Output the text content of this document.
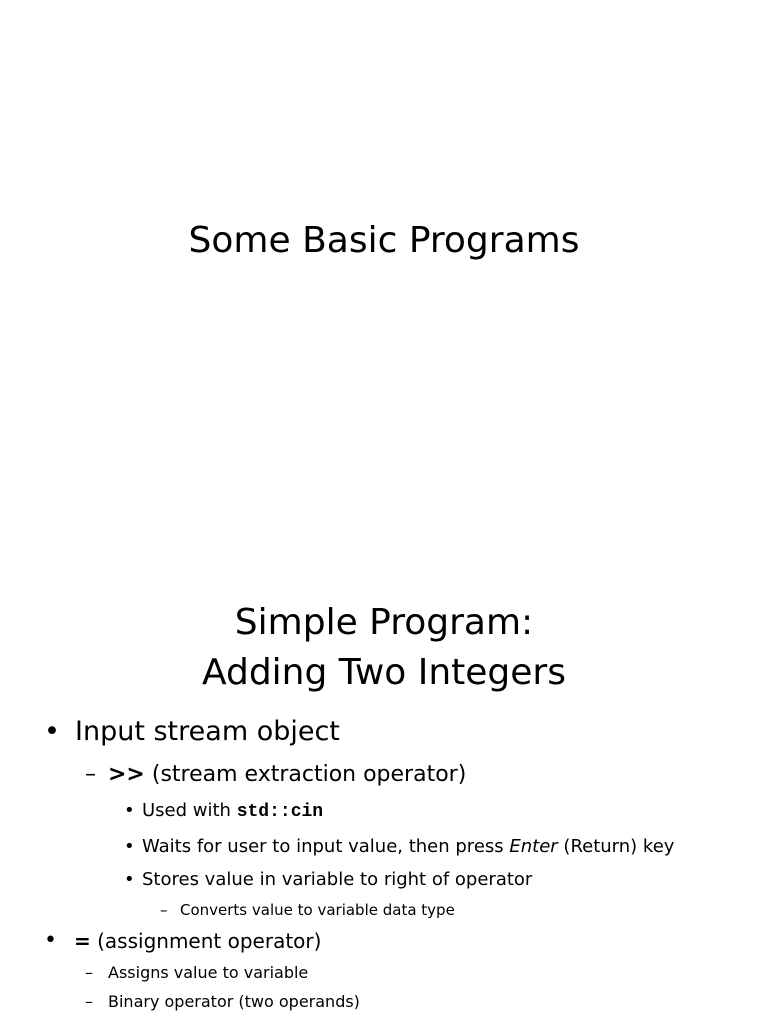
Some Basic Programs
Simple Program:
Adding Two Integers
• Input stream object
– >> (stream extraction operator)
• Used with std::cin
• Waits for user to input value, then press Enter (Return) key
• Stores value in variable to right of operator
– Converts value to variable data type
• = (assignment operator)
– Assigns value to variable
– Binary operator (two operands)
